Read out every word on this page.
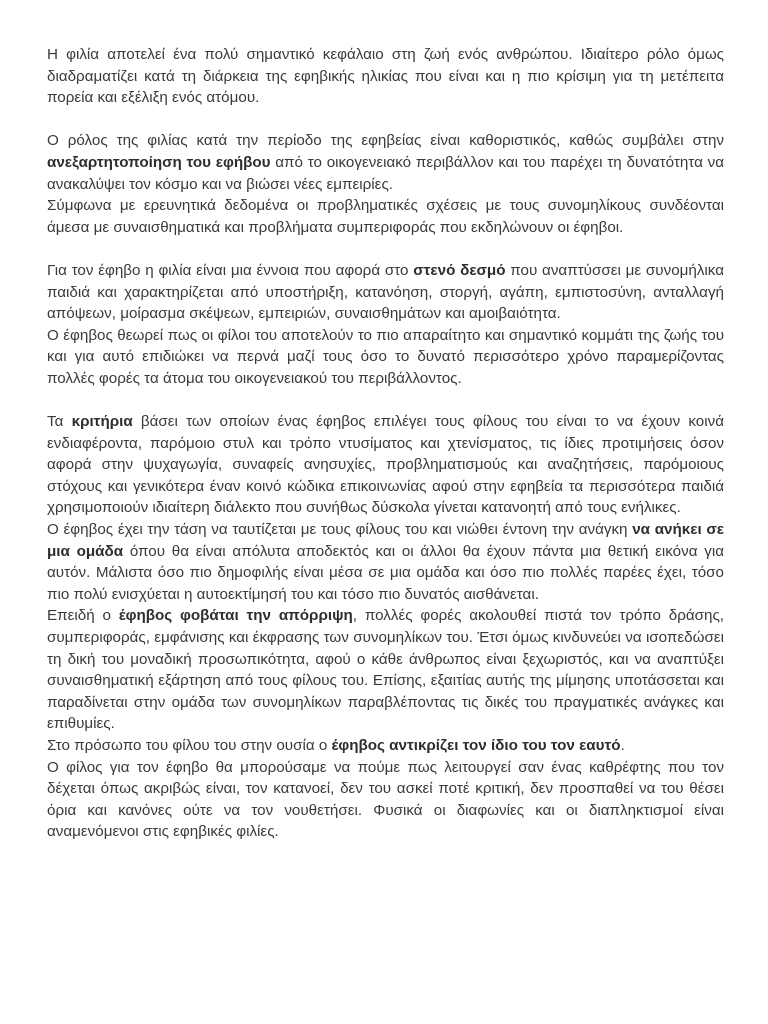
Η φιλία αποτελεί ένα πολύ σημαντικό κεφάλαιο στη ζωή ενός ανθρώπου. Ιδιαίτερο ρόλο όμως διαδραματίζει κατά τη διάρκεια της εφηβικής ηλικίας που είναι και η πιο κρίσιμη για τη μετέπειτα πορεία και εξέλιξη ενός ατόμου.

Ο ρόλος της φιλίας κατά την περίοδο της εφηβείας είναι καθοριστικός, καθώς συμβάλει στην ανεξαρτητοποίηση του εφήβου από το οικογενειακό περιβάλλον και του παρέχει τη δυνατότητα να ανακαλύψει τον κόσμο και να βιώσει νέες εμπειρίες.

Σύμφωνα με ερευνητικά δεδομένα οι προβληματικές σχέσεις με τους συνομηλίκους συνδέονται άμεσα με συναισθηματικά και προβλήματα συμπεριφοράς που εκδηλώνουν οι έφηβοι.

Για τον έφηβο η φιλία είναι μια έννοια που αφορά στο στενό δεσμό που αναπτύσσει με συνομήλικα παιδιά και χαρακτηρίζεται από υποστήριξη, κατανόηση, στοργή, αγάπη, εμπιστοσύνη, ανταλλαγή απόψεων, μοίρασμα σκέψεων, εμπειριών, συναισθημάτων και αμοιβαιότητα.

Ο έφηβος θεωρεί πως οι φίλοι του αποτελούν το πιο απαραίτητο και σημαντικό κομμάτι της ζωής του και για αυτό επιδιώκει να περνά μαζί τους όσο το δυνατό περισσότερο χρόνο παραμερίζοντας πολλές φορές τα άτομα του οικογενειακού του περιβάλλοντος.

Τα κριτήρια βάσει των οποίων ένας έφηβος επιλέγει τους φίλους του είναι το να έχουν κοινά ενδιαφέροντα, παρόμοιο στυλ και τρόπο ντυσίματος και χτενίσματος, τις ίδιες προτιμήσεις όσον αφορά στην ψυχαγωγία, συναφείς ανησυχίες, προβληματισμούς και αναζητήσεις, παρόμοιους στόχους και γενικότερα έναν κοινό κώδικα επικοινωνίας αφού στην εφηβεία τα περισσότερα παιδιά χρησιμοποιούν ιδιαίτερη διάλεκτο που συνήθως δύσκολα γίνεται κατανοητή από τους ενήλικες.

Ο έφηβος έχει την τάση να ταυτίζεται με τους φίλους του και νιώθει έντονη την ανάγκη να ανήκει σε μια ομάδα όπου θα είναι απόλυτα αποδεκτός και οι άλλοι θα έχουν πάντα μια θετική εικόνα για αυτόν. Μάλιστα όσο πιο δημοφιλής είναι μέσα σε μια ομάδα και όσο πιο πολλές παρέες έχει, τόσο πιο πολύ ενισχύεται η αυτοεκτίμησή του και τόσο πιο δυνατός αισθάνεται.

Επειδή ο έφηβος φοβάται την απόρριψη, πολλές φορές ακολουθεί πιστά τον τρόπο δράσης, συμπεριφοράς, εμφάνισης και έκφρασης των συνομηλίκων του. Έτσι όμως κινδυνεύει να ισοπεδώσει τη δική του μοναδική προσωπικότητα, αφού ο κάθε άνθρωπος είναι ξεχωριστός, και να αναπτύξει συναισθηματική εξάρτηση από τους φίλους του. Επίσης, εξαιτίας αυτής της μίμησης υποτάσσεται και παραδίνεται στην ομάδα των συνομηλίκων παραβλέποντας τις δικές του πραγματικές ανάγκες και επιθυμίες.

Στο πρόσωπο του φίλου του στην ουσία ο έφηβος αντικρίζει τον ίδιο του τον εαυτό.

Ο φίλος για τον έφηβο θα μπορούσαμε να πούμε πως λειτουργεί σαν ένας καθρέφτης που τον δέχεται όπως ακριβώς είναι, τον κατανοεί, δεν του ασκεί ποτέ κριτική, δεν προσπαθεί να του θέσει όρια και κανόνες ούτε να τον νουθετήσει. Φυσικά οι διαφωνίες και οι διαπληκτισμοί είναι αναμενόμενοι στις εφηβικές φιλίες.
